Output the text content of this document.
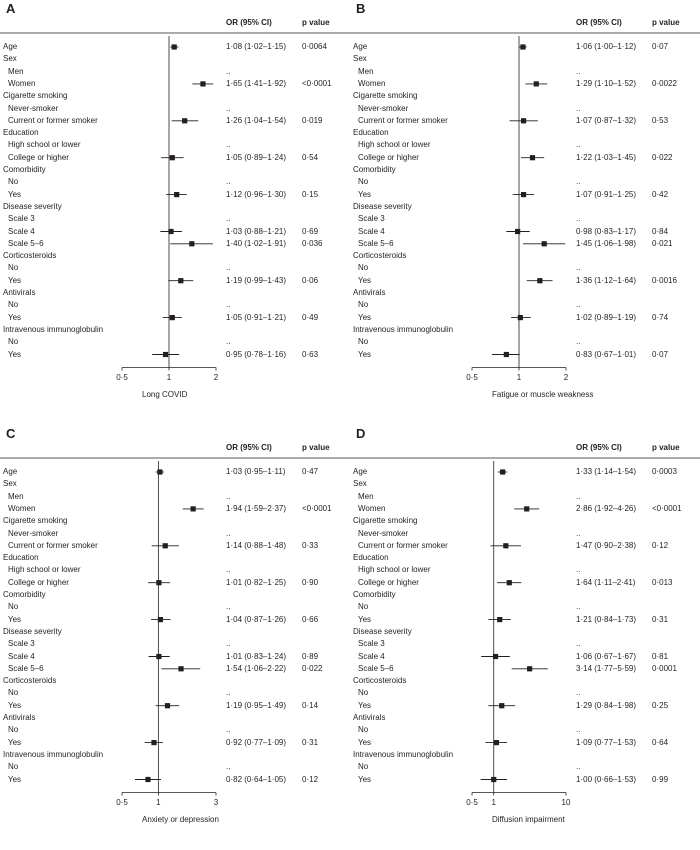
A
OR (95% CI)	p value
Age	1·08 (1·02–1·15) 0·0064
Sex
Men	..
Women	1·65 (1·41–1·92) <0·0001
Cigarette smoking
Never-smoker	..
Current or former smoker	1·26 (1·04–1·54) 0·019
Education
High school or lower	..
College or higher	1·05 (0·89–1·24) 0·54
Comorbidity
No	..
Yes	1·12 (0·96–1·30) 0·15
Disease severity
Scale 3	..
Scale 4	1·03 (0·88–1·21) 0·69
Scale 5–6	1·40 (1·02–1·91) 0·036
Corticosteroids
No	..
Yes	1·19 (0·99–1·43) 0·06
Antivirals
No	..
Yes	1·05 (0·91–1·21) 0·49
Intravenous immunoglobulin
No	..
Yes	0·95 (0·78–1·16) 0·63
0·5	1	2
Long COVID
B
OR (95% CI)	p value
Age	1·06 (1·00–1·12) 0·07
Sex
Men	..
Women	1·29 (1·10–1·52) 0·0022
Cigarette smoking
Never-smoker	..
Current or former smoker	1·07 (0·87–1·32) 0·53
Education
High school or lower	..
College or higher	1·22 (1·03–1·45) 0·022
Comorbidity
No	..
Yes	1·07 (0·91–1·25) 0·42
Disease severity
Scale 3	..
Scale 4	0·98 (0·83–1·17) 0·84
Scale 5–6	1·45 (1·06–1·98) 0·021
Corticosteroids
No	..
Yes	1·36 (1·12–1·64) 0·0016
Antivirals
No	..
Yes	1·02 (0·89–1·19) 0·74
Intravenous immunoglobulin
No	..
Yes	0·83 (0·67–1·01) 0·07
0·5	1	2
Fatigue or muscle weakness
C
OR (95% CI)	p value
Age	1·03 (0·95–1·11) 0·47
Sex
Men	..
Women	1·94 (1·59–2·37) <0·0001
Cigarette smoking
Never-smoker	..
Current or former smoker	1·14 (0·88–1·48) 0·33
Education
High school or lower	..
College or higher	1·01 (0·82–1·25) 0·90
Comorbidity
No	..
Yes	1·04 (0·87–1·26) 0·66
Disease severity
Scale 3	..
Scale 4	1·01 (0·83–1·24) 0·89
Scale 5–6	1·54 (1·06–2·22) 0·022
Corticosteroids
No	..
Yes	1·19 (0·95–1·49) 0·14
Antivirals
No	..
Yes	0·92 (0·77–1·09) 0·31
Intravenous immunoglobulin
No	..
Yes	0·82 (0·64–1·05) 0·12
0·5	1	3
Anxiety or depression
D
OR (95% CI)	p value
Age	1·33 (1·14–1·54) 0·0003
Sex
Men	..
Women	2·86 (1·92–4·26) <0·0001
Cigarette smoking
Never-smoker	..
Current or former smoker	1·47 (0·90–2·38) 0·12
Education
High school or lower	..
College or higher	1·64 (1·11–2·41) 0·013
Comorbidity
No	..
Yes	1·21 (0·84–1·73) 0·31
Disease severity
Scale 3	..
Scale 4	1·06 (0·67–1·67) 0·81
Scale 5–6	3·14 (1·77–5·59) 0·0001
Corticosteroids
No	..
Yes	1·29 (0·84–1·98) 0·25
Antivirals
No	..
Yes	1·09 (0·77–1·53) 0·64
Intravenous immunoglobulin
No	..
Yes	1·00 (0·66–1·53) 0·99
0·5	1	10
Diffusion impairment
